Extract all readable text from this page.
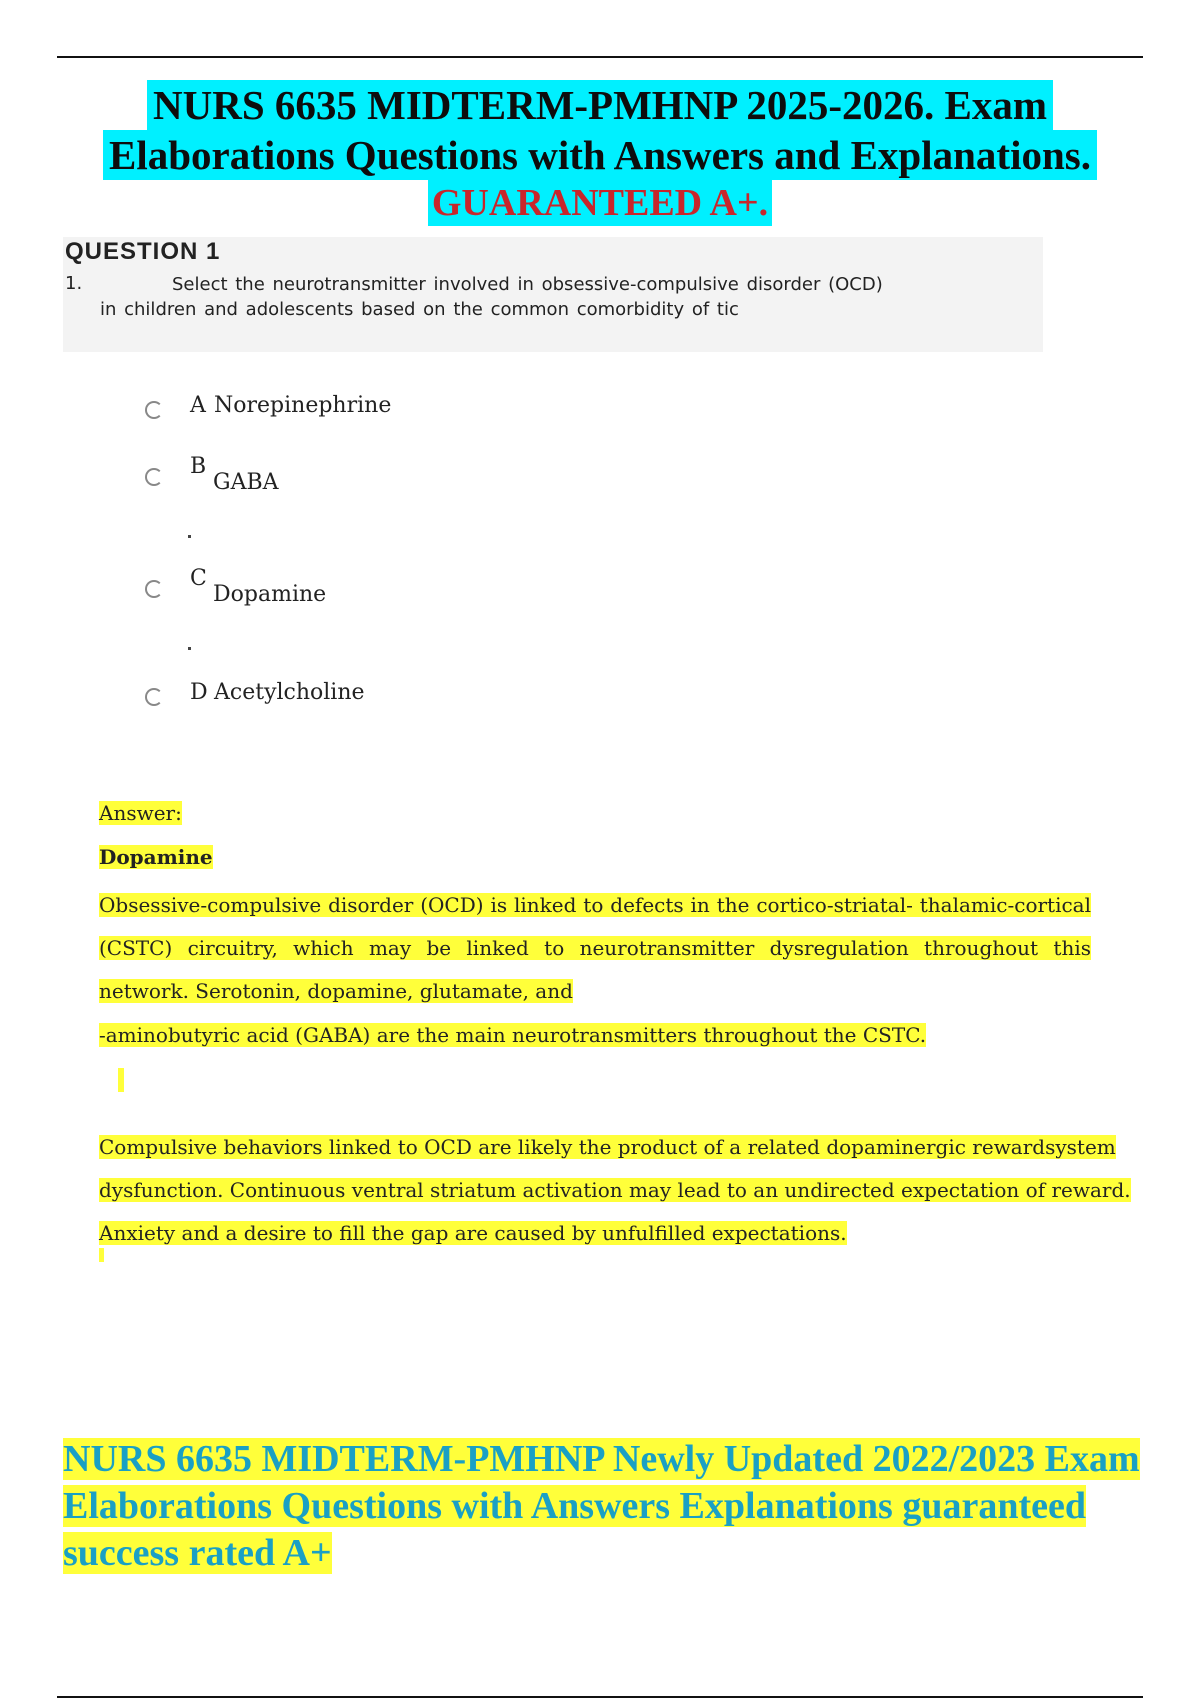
NURS 6635 MIDTERM-PMHNP 2025-2026. Exam
Elaborations Questions with Answers and Explanations.
GUARANTEED A+.
QUESTION 1
1.	Select the neurotransmitter involved in obsessive-compulsive disorder (OCD) in children and adolescents based on the common comorbidity of tic
A Norepinephrine
B
GABA
C
Dopamine
D Acetylcholine
Answer:
Dopamine
Obsessive-compulsive disorder (OCD) is linked to defects in the cortico-striatal- thalamic-cortical (CSTC) circuitry, which may be linked to neurotransmitter dysregulation throughout this network. Serotonin, dopamine, glutamate, and
-aminobutyric acid (GABA) are the main neurotransmitters throughout the CSTC.
Compulsive behaviors linked to OCD are likely the product of a related dopaminergic rewardsystem dysfunction. Continuous ventral striatum activation may lead to an undirected expectation of reward. Anxiety and a desire to fill the gap are caused by unfulfilled expectations.
NURS 6635 MIDTERM-PMHNP Newly Updated 2022/2023 Exam
Elaborations Questions with Answers Explanations guaranteed
success rated A+
